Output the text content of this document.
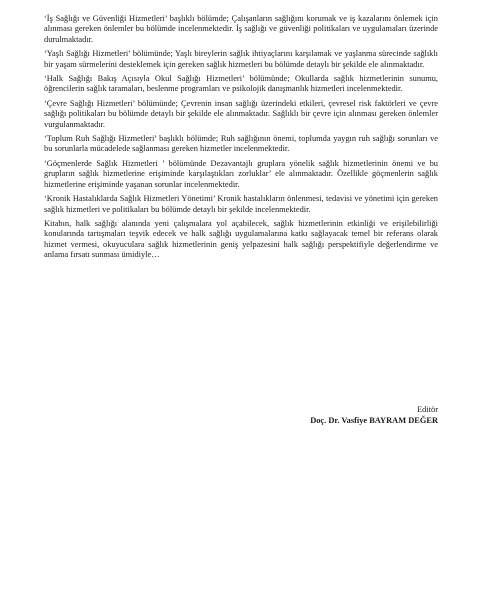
‘İş Sağlığı ve Güvenliği Hizmetleri’ başlıklı bölümde; Çalışanların sağlığını korumak ve iş kazalarını önlemek için alınması gereken önlemler bu bölümde incelenmektedir. İş sağlığı ve güvenliği politikaları ve uygulamaları üzerinde durulmaktadır.

‘Yaşlı Sağlığı Hizmetleri’ bölümünde; Yaşlı bireylerin sağlık ihtiyaçlarını karşılamak ve yaşlanma sürecinde sağlıklı bir yaşam sürmelerini desteklemek için gereken sağlık hizmetleri bu bölümde detaylı bir şekilde ele alınmaktadır.

‘Halk Sağlığı Bakış Açısıyla Okul Sağlığı Hizmetleri’ bölümünde; Okullarda sağlık hizmetlerinin sunumu, öğrencilerin sağlık taramaları, beslenme programları ve psikolojik danışmanlık hizmetleri incelenmektedir.

‘Çevre Sağlığı Hizmetleri’ bölümünde; Çevrenin insan sağlığı üzerindeki etkileri, çevresel risk faktörleri ve çevre sağlığı politikaları bu bölümde detaylı bir şekilde ele alınmaktadır. Sağlıklı bir çevre için alınması gereken önlemler vurgulanmaktadır.

‘Toplum Ruh Sağlığı Hizmetleri’ başlıklı bölümde; Ruh sağlığının önemi, toplumda yaygın ruh sağlığı sorunları ve bu sorunlarla mücadelede sağlanması gereken hizmetler incelenmektedir.

‘Göçmenlerde Sağlık Hizmetleri ’ bölümünde Dezavantajlı gruplara yönelik sağlık hizmetlerinin önemi ve bu grupların sağlık hizmetlerine erişiminde karşılaştıkları zorluklar’ ele alınmaktadır. Özellikle göçmenlerin sağlık hizmetlerine erişiminde yaşanan sorunlar incelenmektedir.

‘Kronik Hastalıklarda Sağlık Hizmetleri Yönetimi’ Kronik hastalıkların önlenmesi, tedavisi ve yönetimi için gereken sağlık hizmetleri ve politikaları bu bölümde detaylı bir şekilde incelenmektedir.

Kitabın, halk sağlığı alanında yeni çalışmalara yol açabilecek, sağlık hizmetlerinin etkinliği ve erişilebilirliği konularında tartışmaları teşvik edecek ve halk sağlığı uygulamalarına katkı sağlayacak temel bir referans olarak hizmet vermesi, okuyuculara sağlık hizmetlerinin geniş yelpazesini halk sağlığı perspektifiyle değerlendirme ve anlama fırsatı sunması ümidiyle…

Editör
Doç. Dr. Vasfiye BAYRAM DEĞER
